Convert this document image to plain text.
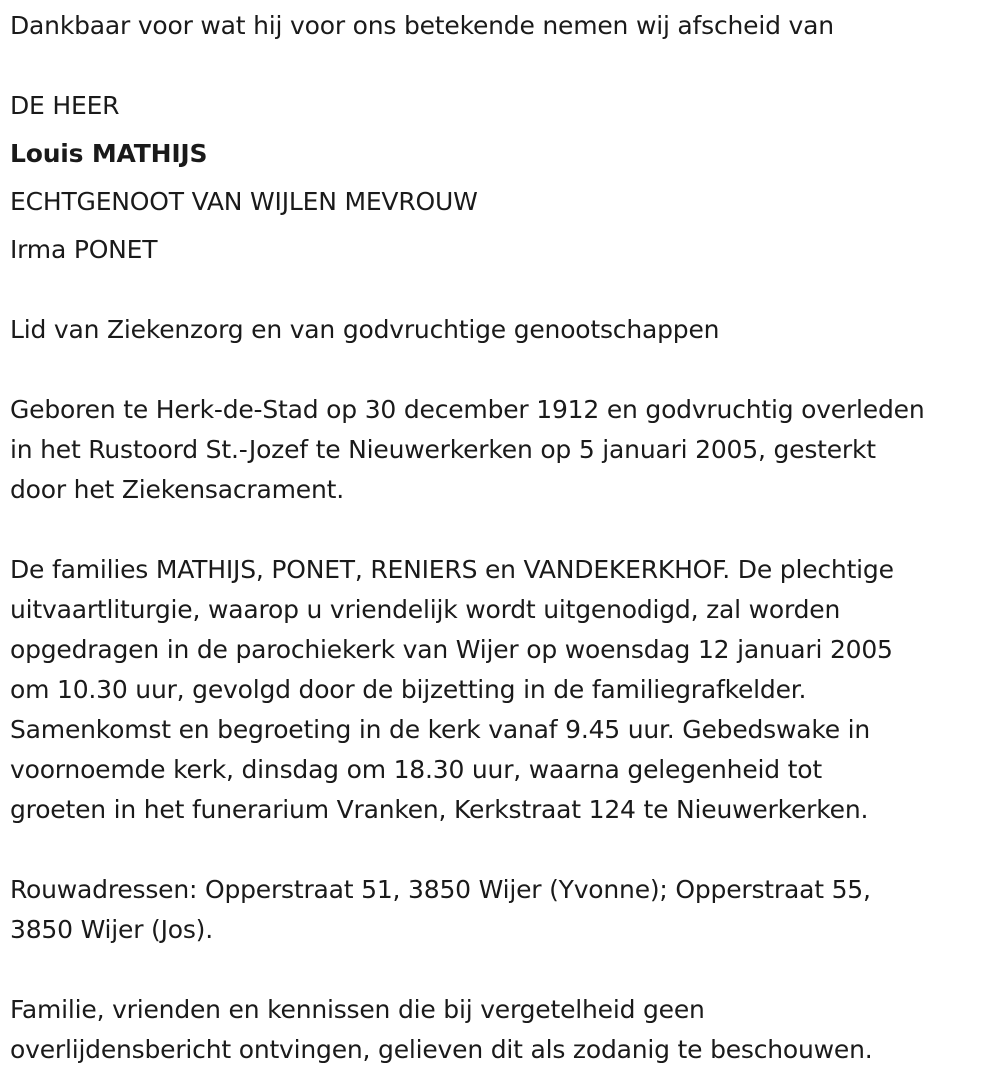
Dankbaar voor wat hij voor ons betekende nemen wij afscheid van
DE HEER
Louis MATHIJS
ECHTGENOOT VAN WIJLEN MEVROUW
Irma PONET
Lid van Ziekenzorg en van godvruchtige genootschappen
Geboren te Herk-de-Stad op 30 december 1912 en godvruchtig overleden
in het Rustoord St.-Jozef te Nieuwerkerken op 5 januari 2005, gesterkt
door het Ziekensacrament.
De families MATHIJS, PONET, RENIERS en VANDEKERKHOF. De plechtige
uitvaartliturgie, waarop u vriendelijk wordt uitgenodigd, zal worden
opgedragen in de parochiekerk van Wijer op woensdag 12 januari 2005
om 10.30 uur, gevolgd door de bijzetting in de familiegrafkelder.
Samenkomst en begroeting in de kerk vanaf 9.45 uur. Gebedswake in
voornoemde kerk, dinsdag om 18.30 uur, waarna gelegenheid tot
groeten in het funerarium Vranken, Kerkstraat 124 te Nieuwerkerken.
Rouwadressen: Opperstraat 51, 3850 Wijer (Yvonne); Opperstraat 55,
3850 Wijer (Jos).
Familie, vrienden en kennissen die bij vergetelheid geen
overlijdensbericht ontvingen, gelieven dit als zodanig te beschouwen.
